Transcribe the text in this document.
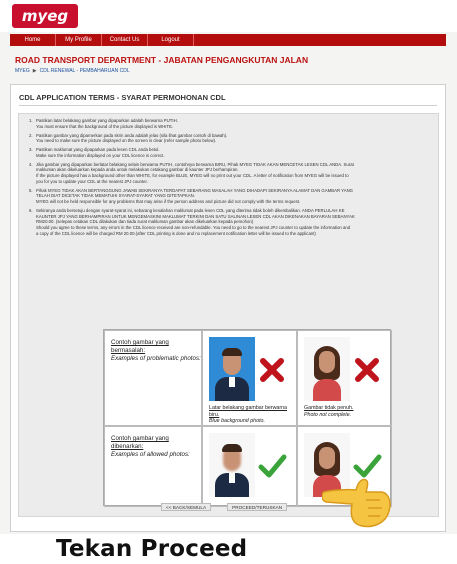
myeg
Home	My Profile	Contact Us	Logout
ROAD TRANSPORT DEPARTMENT - JABATAN PENGANGKUTAN JALAN
MYEG ▶ CDL RENEWAL - PEMBAHARUAN CDL
CDL APPLICATION TERMS - SYARAT PERMOHONAN CDL
1. Pastikan latar belakang gambar yang dipaparkan adalah berwarna PUTIH.
You must ensure that the background of the picture displayed is WHITE.
2. Pastikan gambar yang dipamerkan pada skrin anda adalah jelas (sila lihat gambar contoh di bawah).
You need to make sure the picture displayed on the screen is clear (refer sample photo below).
3. Pastikan maklumat yang dipaparkan pada lesen CDL anda betul.
Make sure the information displayed on your CDL licence is correct.
4. Jika gambar yang dipaparkan berlatar belakang selain berwarna PUTIH, contohnya berwarna BIRU, Pihak MYEG TIDAK AKAN MENCETAK LESEN CDL ANDA. Surat
makluman akan dikeluarkan kepada anda untuk melakukan cetakang gambar di kaunter JPJ berhampiran.
If the picture displayed has a background other than WHITE, for example BLUE, MYEG will no print out your CDL. A letter of notification from MYEG will be issued to
you for you to update your CDL at the nearest JPJ counter.
5. Pihak MYEG TIDAK AKAN BERTANGGUNG JAWAB SEKIRANYA TERDAPAT SEBARANG MASALAH YANG DIHADAPI SEKIRANYA ALAMAT DAN GAMBAR YANG
TELAH DIAT DICETAK TIDAK MEMATUHI SYARAT-SYARAT YANG DITETAPKAN.
MYEG will not be held responsible for any problems that may arise if the person address and picture did not comply with the terms request.
6. Sekiranya anda bersetuju dengan syarat-syarat ini, sebarang kesalahan maklumat pada lesen CDL yang diterima tidak boleh dikembalikan. ANDA PERLULAH KE
KAUNTER JPJ YANG BERHAMPIRAN UNTUK MENGEMASKINI MAKLUMAT TERKINI DAN SATU SALINAN LESEN CDL AKAN DIKENAKAN BAYARAN SEBANYAK
RM20.00. (selepas cetakan CDL dilakukan dan tiada surat makluman gambar akan dikeluarkan kepada pemohon)
Should you agree to these terms, any errors in the CDL licence received are non-refundable. You need to go to the nearest JPJ counter to update the information and
a copy of the CDL licence will be charged RM 20.00.(after CDL printing is done and no replacement notification letter will be issued to the applicant)
Contoh gambar yang bermasalah:
Examples of problematic photos:
Latar belakang gambar berwarna biru.
Blue background photo.
Gambar tidak penuh.
Photo not complete.
Contoh gambar yang dibenarkan:
Examples of allowed photos:
<< BACK/SEMULA	PROCEED/TERUSKAN
Tekan Proceed
